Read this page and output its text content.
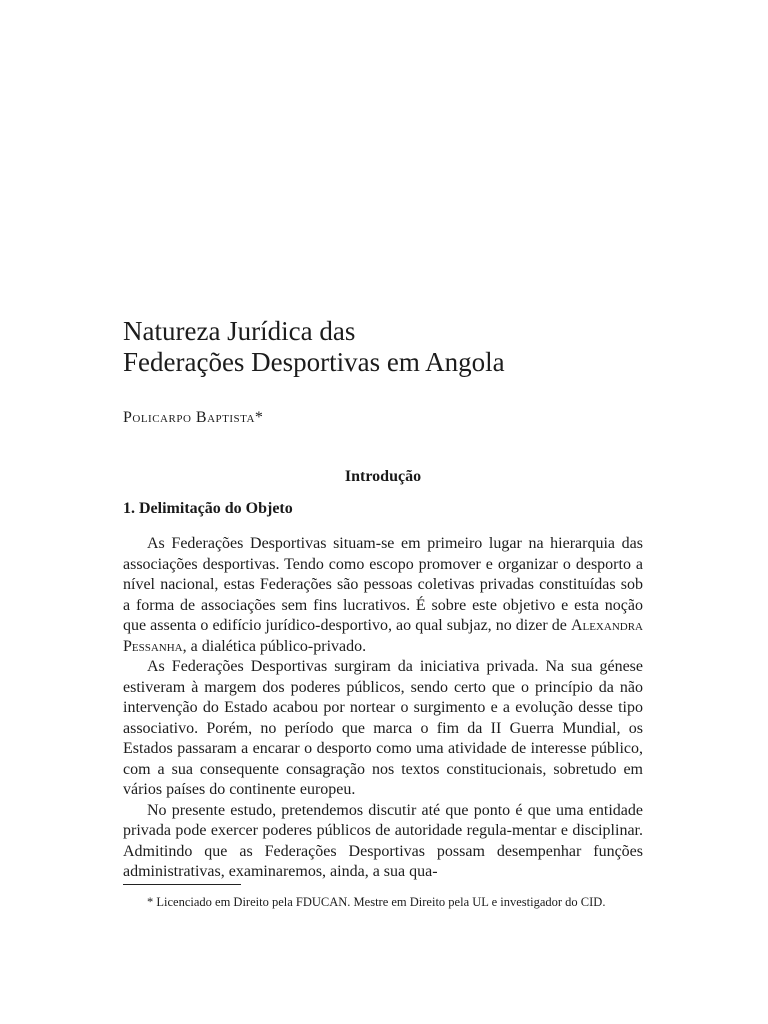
Natureza Jurídica das
Federações Desportivas em Angola
Policarpo Baptista*
Introdução
1. Delimitação do Objeto

As Federações Desportivas situam-se em primeiro lugar na hierarquia das associações desportivas. Tendo como escopo promover e organizar o desporto a nível nacional, estas Federações são pessoas coletivas privadas constituídas sob a forma de associações sem fins lucrativos. É sobre este objetivo e esta noção que assenta o edifício jurídico-desportivo, ao qual subjaz, no dizer de Alexandra Pessanha, a dialética público-privado.

As Federações Desportivas surgiram da iniciativa privada. Na sua génese estiveram à margem dos poderes públicos, sendo certo que o princípio da não intervenção do Estado acabou por nortear o surgimento e a evolução desse tipo associativo. Porém, no período que marca o fim da II Guerra Mundial, os Estados passaram a encarar o desporto como uma atividade de interesse público, com a sua consequente consagração nos textos constitucionais, sobretudo em vários países do continente europeu.

No presente estudo, pretendemos discutir até que ponto é que uma entidade privada pode exercer poderes públicos de autoridade regula-mentar e disciplinar. Admitindo que as Federações Desportivas possam desempenhar funções administrativas, examinaremos, ainda, a sua qua-

* Licenciado em Direito pela FDUCAN. Mestre em Direito pela UL e investigador do CID.
